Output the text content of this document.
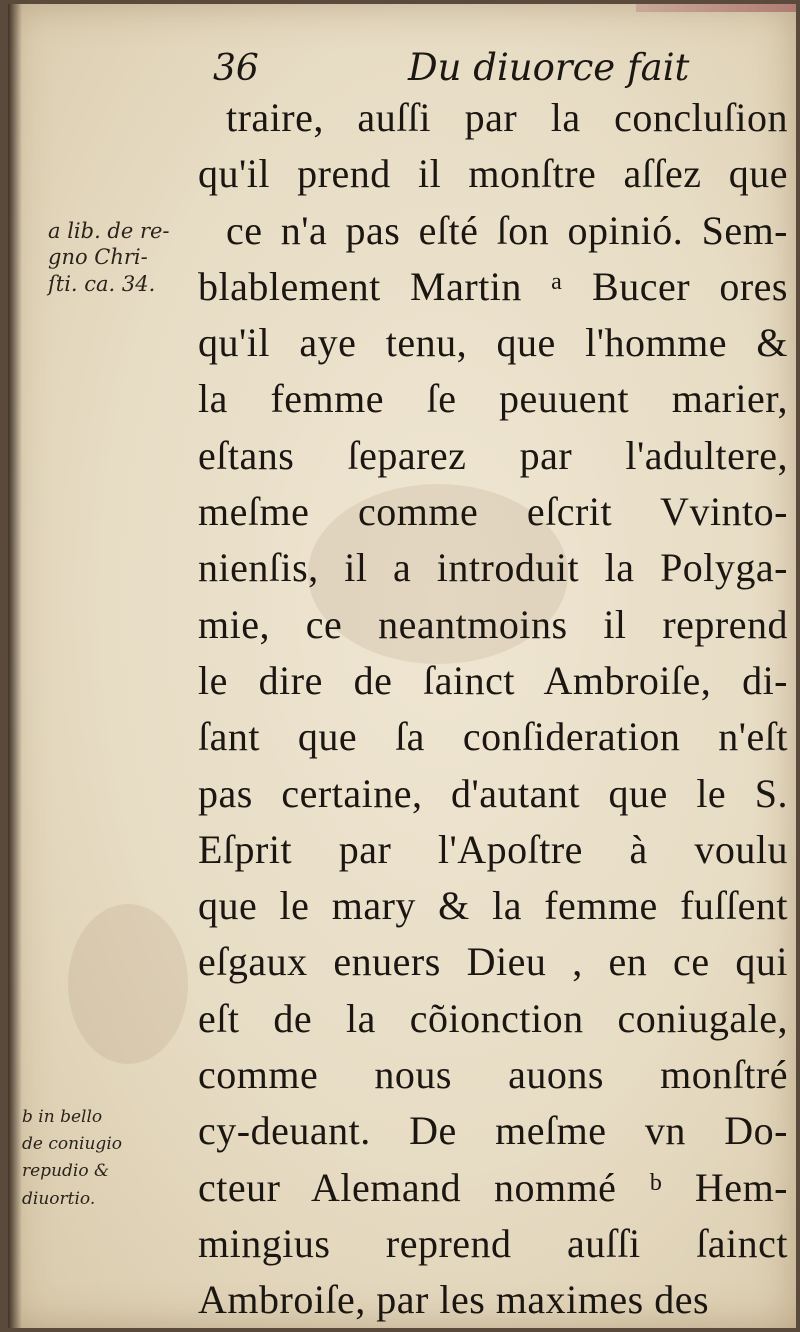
36	Du diuorce fait
a lib. de re-
gno Chri-
ſti. ca. 34.
b in bello
de coniugio
repudio &
diuortio.
traire, auſſi par la concluſion
qu'il prend il monſtre aſſez que
ce n'a pas eſté ſon opinió. Sem-
blablement Martin ᵃ Bucer ores
qu'il aye tenu, que l'homme &
la femme ſe peuuent marier,
eſtans ſeparez par l'adultere,
meſme comme eſcrit Vvinto-
nienſis, il a introduit la Polyga-
mie, ce neantmoins il reprend
le dire de ſainct Ambroiſe, di-
ſant que ſa conſideration n'eſt
pas certaine, d'autant que le S.
Eſprit par l'Apoſtre à voulu
que le mary & la femme fuſſent
eſgaux enuers Dieu , en ce qui
eſt de la cõionction coniugale,
comme nous auons monſtré
cy-deuant. De meſme vn Do-
cteur Alemand nommé ᵇ Hem-
mingius reprend auſſi ſainct
Ambroiſe, par les maximes des
